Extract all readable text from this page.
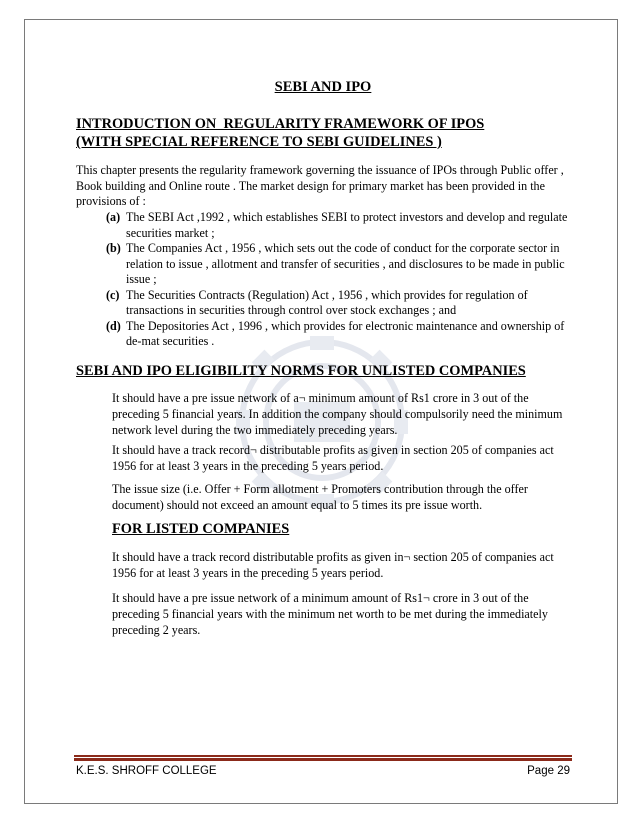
SEBI AND IPO
INTRODUCTION ON  REGULARITY FRAMEWORK OF IPOS
(WITH SPECIAL REFERENCE TO SEBI GUIDELINES )
This chapter presents the regularity framework governing the issuance of IPOs through Public offer , Book building and Online route . The market design for primary market has been provided in the provisions of :
(a) The SEBI Act ,1992 , which establishes SEBI to protect investors and develop and regulate securities market ;
(b) The Companies Act , 1956 , which sets out the code of conduct for the corporate sector in relation to issue , allotment and transfer of securities , and disclosures to be made in public issue ;
(c) The Securities Contracts (Regulation) Act , 1956 , which provides for regulation of transactions in securities through control over stock exchanges ; and
(d) The Depositories Act , 1996 , which provides for electronic maintenance and ownership of de-mat securities .
SEBI AND IPO ELIGIBILITY NORMS FOR UNLISTED COMPANIES
It should have a pre issue network of a¬ minimum amount of Rs1 crore in 3 out of the preceding 5 financial years. In addition the company should compulsorily need the minimum network level during the two immediately preceding years.
It should have a track record¬ distributable profits as given in section 205 of companies act 1956 for at least 3 years in the preceding 5 years period.
The issue size (i.e. Offer + Form allotment + Promoters contribution through the offer document) should not exceed an amount equal to 5 times its pre issue worth.
FOR LISTED COMPANIES
It should have a track record distributable profits as given in¬ section 205 of companies act 1956 for at least 3 years in the preceding 5 years period.
It should have a pre issue network of a minimum amount of Rs1¬ crore in 3 out of the preceding 5 financial years with the minimum net worth to be met during the immediately preceding 2 years.
K.E.S. SHROFF COLLEGE	Page 29
